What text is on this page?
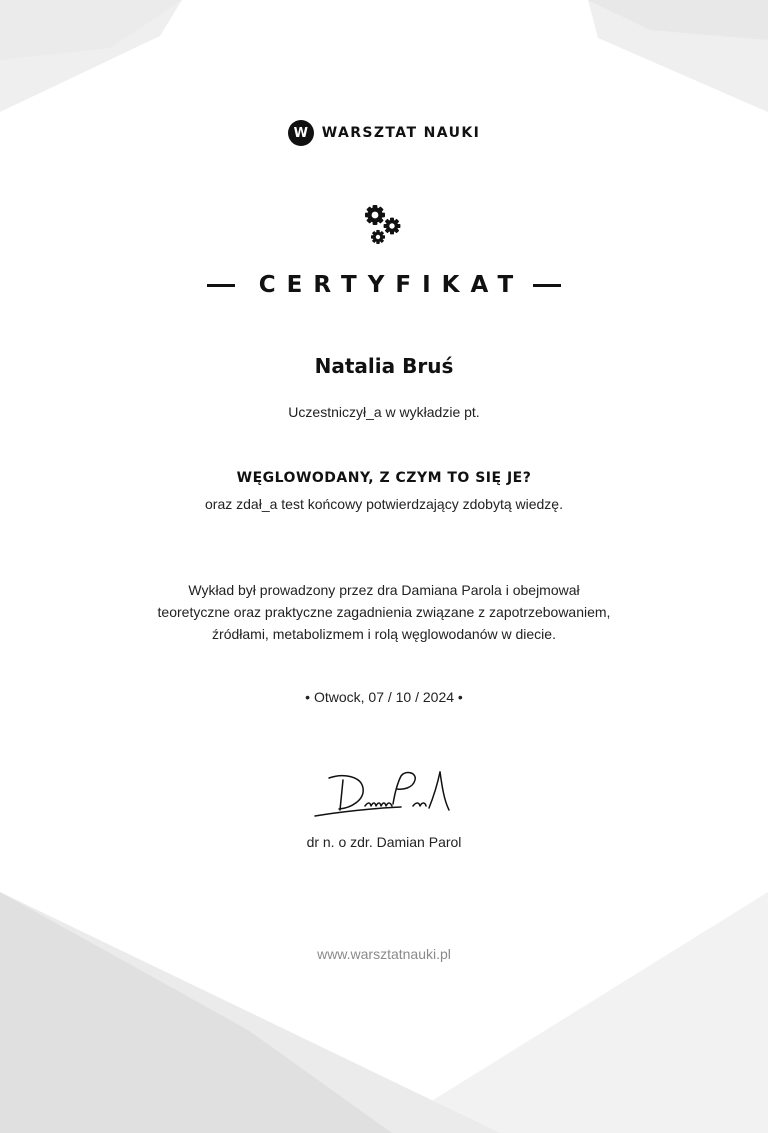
W WARSZTAT NAUKI
CERTYFIKAT
Natalia Bruś
Uczestniczył_a w wykładzie pt.
WĘGLOWODANY, Z CZYM TO SIĘ JE?
oraz zdał_a test końcowy potwierdzający zdobytą wiedzę.
Wykład był prowadzony przez dra Damiana Parola i obejmował
teoretyczne oraz praktyczne zagadnienia związane z zapotrzebowaniem,
źródłami, metabolizmem i rolą węglowodanów w diecie.
• Otwock, 07 / 10 / 2024 •
dr n. o zdr. Damian Parol
www.warsztatnauki.pl
